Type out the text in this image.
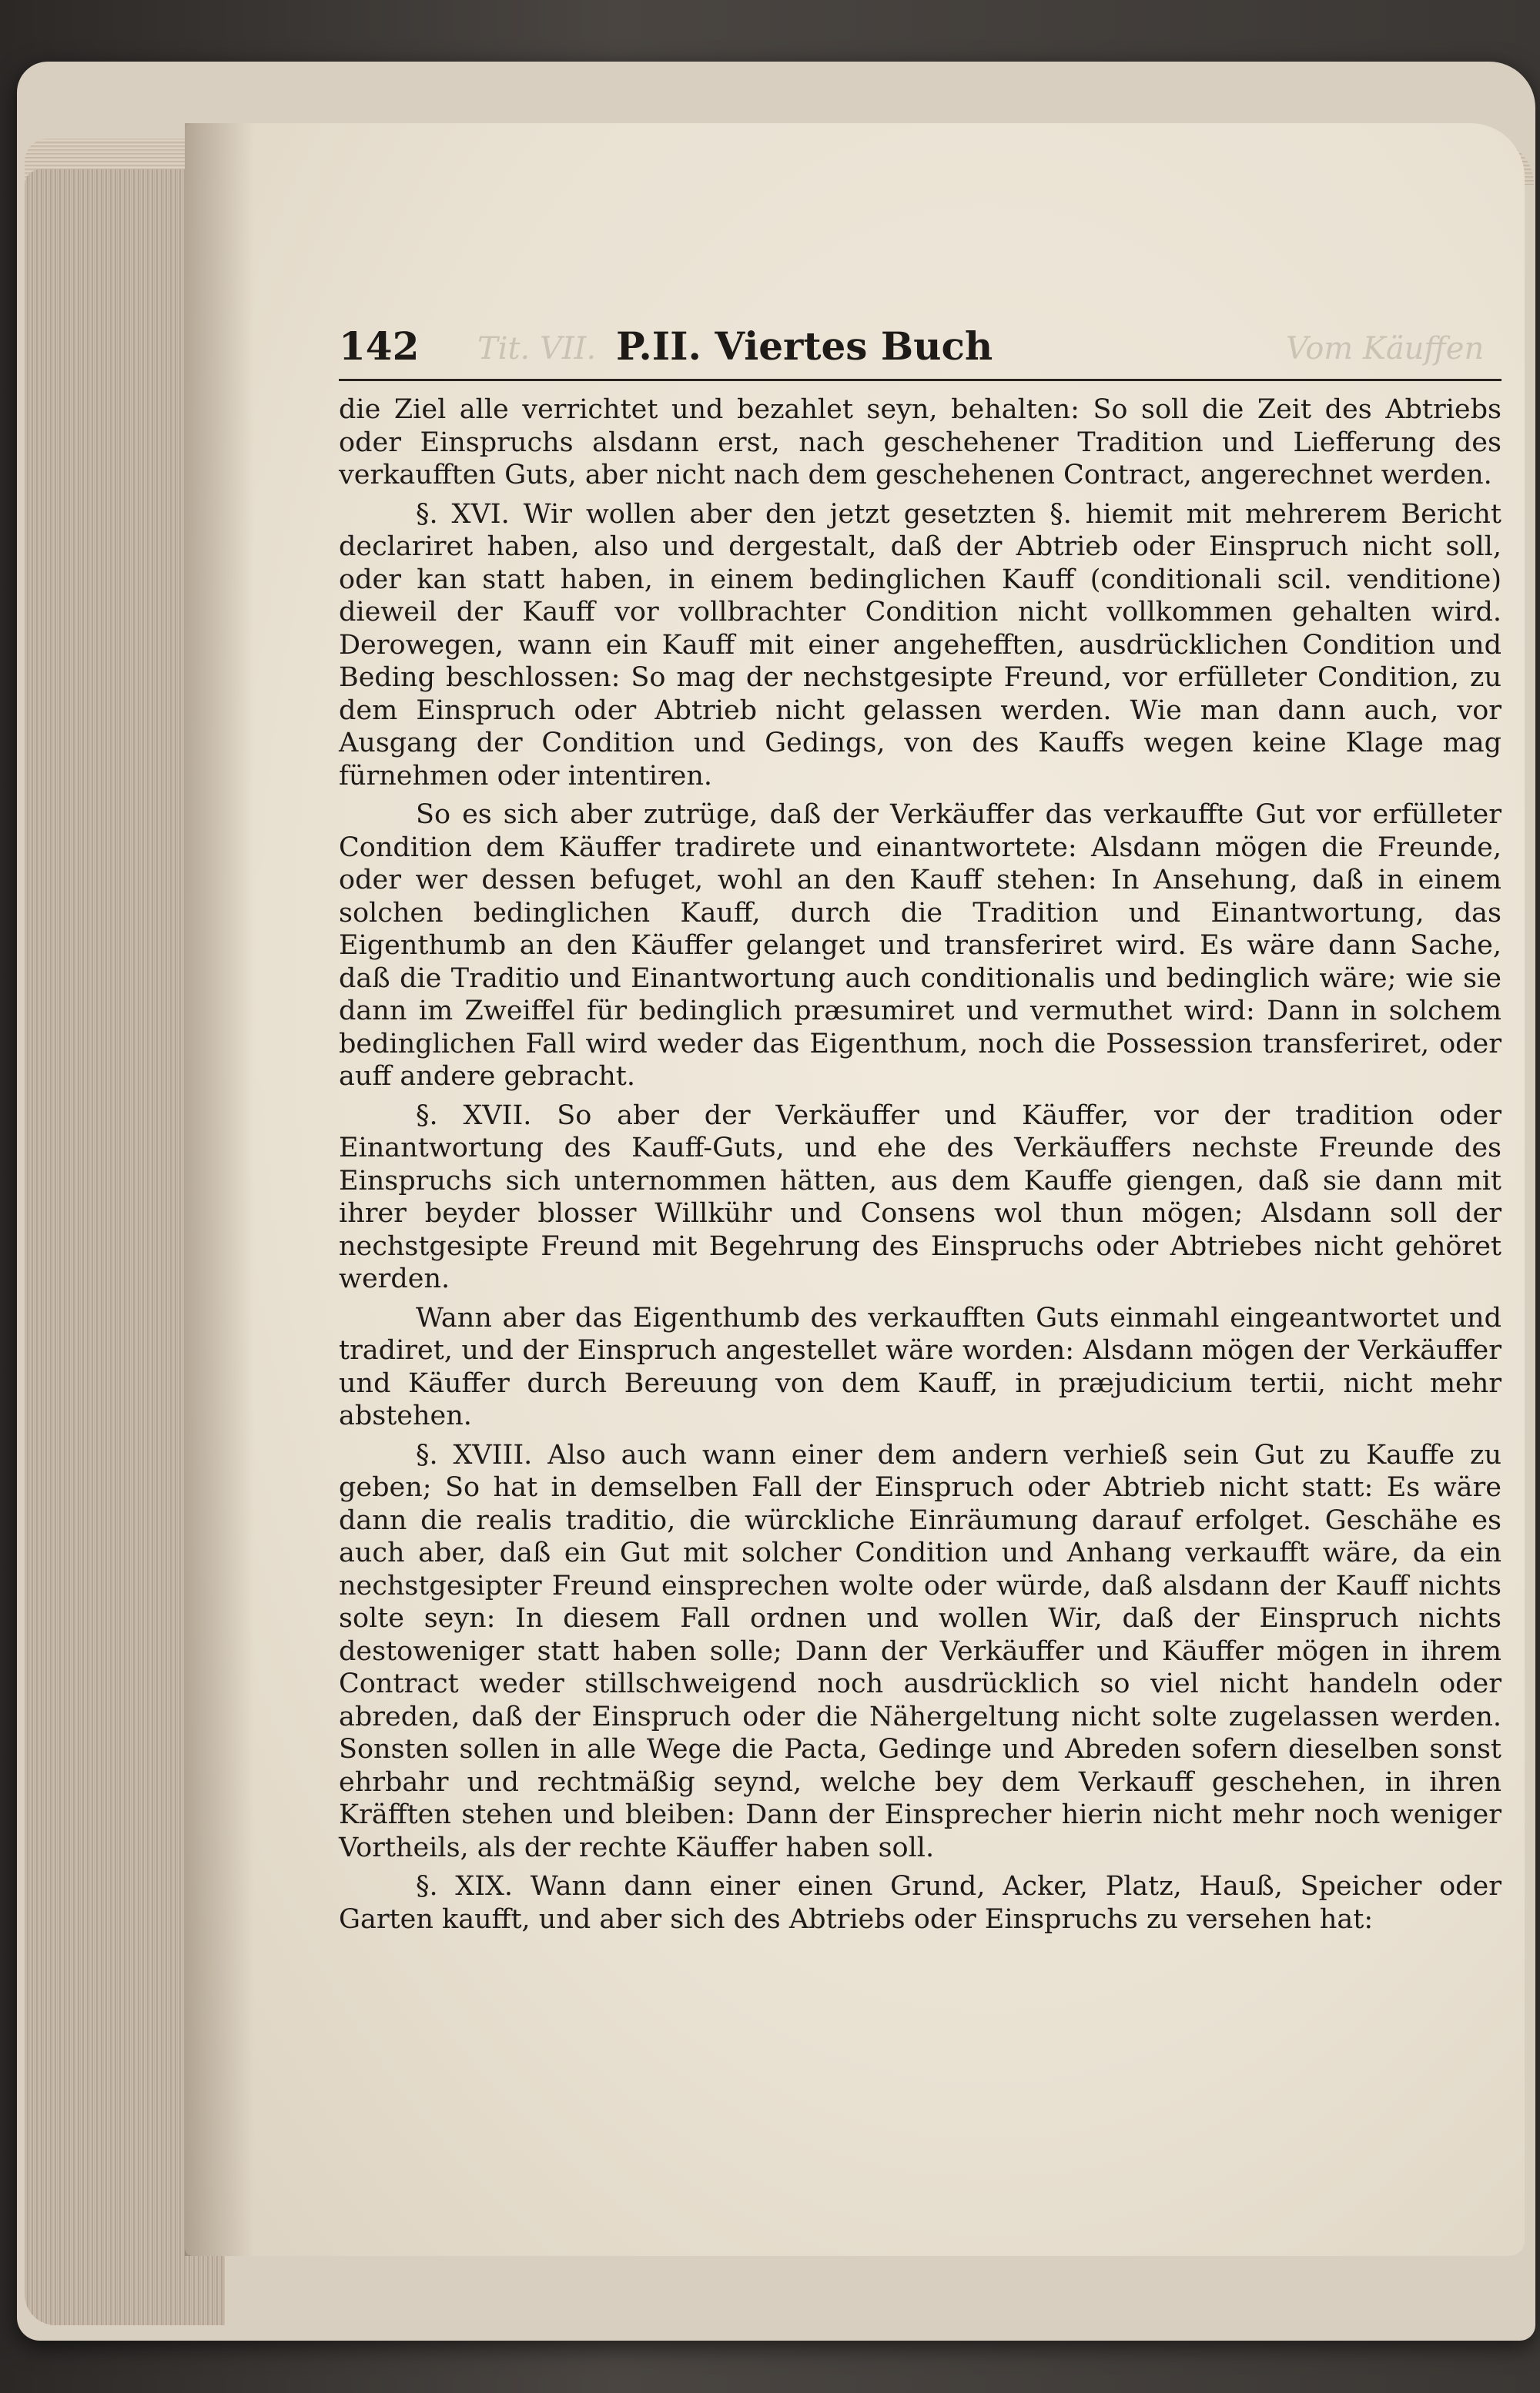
142 Tit. VII. P.II. Viertes Buch	Vom Käuffen

die Ziel alle verrichtet und bezahlet seyn, behalten: So soll die Zeit des Abtriebs oder Einspruchs alsdann erst, nach geschehener Tradition und Liefferung des verkaufften Guts, aber nicht nach dem geschehenen Contract, angerechnet werden.

§. XVI. Wir wollen aber den jetzt gesetzten §. hiemit mit mehrerem Bericht declariret haben, also und dergestalt, daß der Abtrieb oder Einspruch nicht soll, oder kan statt haben, in einem bedinglichen Kauff (conditionali scil. venditione) dieweil der Kauff vor vollbrachter Condition nicht vollkommen gehalten wird. Derowegen, wann ein Kauff mit einer angehefften, ausdrücklichen Condition und Beding beschlossen: So mag der nechstgesipte Freund, vor erfülleter Condition, zu dem Einspruch oder Abtrieb nicht gelassen werden. Wie man dann auch, vor Ausgang der Condition und Gedings, von des Kauffs wegen keine Klage mag fürnehmen oder intentiren.

So es sich aber zutrüge, daß der Verkäuffer das verkauffte Gut vor erfülleter Condition dem Käuffer tradirete und einantwortete: Alsdann mögen die Freunde, oder wer dessen befuget, wohl an den Kauff stehen: In Ansehung, daß in einem solchen bedinglichen Kauff, durch die Tradition und Einantwortung, das Eigenthumb an den Käuffer gelanget und transferiret wird. Es wäre dann Sache, daß die Traditio und Einantwortung auch conditionalis und bedinglich wäre; wie sie dann im Zweiffel für bedinglich præsumiret und vermuthet wird: Dann in solchem bedinglichen Fall wird weder das Eigenthum, noch die Possession transferiret, oder auff andere gebracht.

§. XVII. So aber der Verkäuffer und Käuffer, vor der tradition oder Einantwortung des Kauff-Guts, und ehe des Verkäuffers nechste Freunde des Einspruchs sich unternommen hätten, aus dem Kauffe giengen, daß sie dann mit ihrer beyder blosser Willkühr und Consens wol thun mögen; Alsdann soll der nechstgesipte Freund mit Begehrung des Einspruchs oder Abtriebes nicht gehöret werden.

Wann aber das Eigenthumb des verkaufften Guts einmahl eingeantwortet und tradiret, und der Einspruch angestellet wäre worden: Alsdann mögen der Verkäuffer und Käuffer durch Bereuung von dem Kauff, in præjudicium tertii, nicht mehr abstehen.

§. XVIII. Also auch wann einer dem andern verhieß sein Gut zu Kauffe zu geben; So hat in demselben Fall der Einspruch oder Abtrieb nicht statt: Es wäre dann die realis traditio, die würckliche Einräumung darauf erfolget. Geschähe es auch aber, daß ein Gut mit solcher Condition und Anhang verkaufft wäre, da ein nechstgesipter Freund einsprechen wolte oder würde, daß alsdann der Kauff nichts solte seyn: In diesem Fall ordnen und wollen Wir, daß der Einspruch nichts destoweniger statt haben solle; Dann der Verkäuffer und Käuffer mögen in ihrem Contract weder stillschweigend noch ausdrücklich so viel nicht handeln oder abreden, daß der Einspruch oder die Nähergeltung nicht solte zugelassen werden. Sonsten sollen in alle Wege die Pacta, Gedinge und Abreden sofern dieselben sonst ehrbahr und rechtmäßig seynd, welche bey dem Verkauff geschehen, in ihren Kräfften stehen und bleiben: Dann der Einsprecher hierin nicht mehr noch weniger Vortheils, als der rechte Käuffer haben soll.

§. XIX. Wann dann einer einen Grund, Acker, Platz, Hauß, Speicher oder Garten kaufft, und aber sich des Abtriebs oder Einspruchs zu versehen hat:
